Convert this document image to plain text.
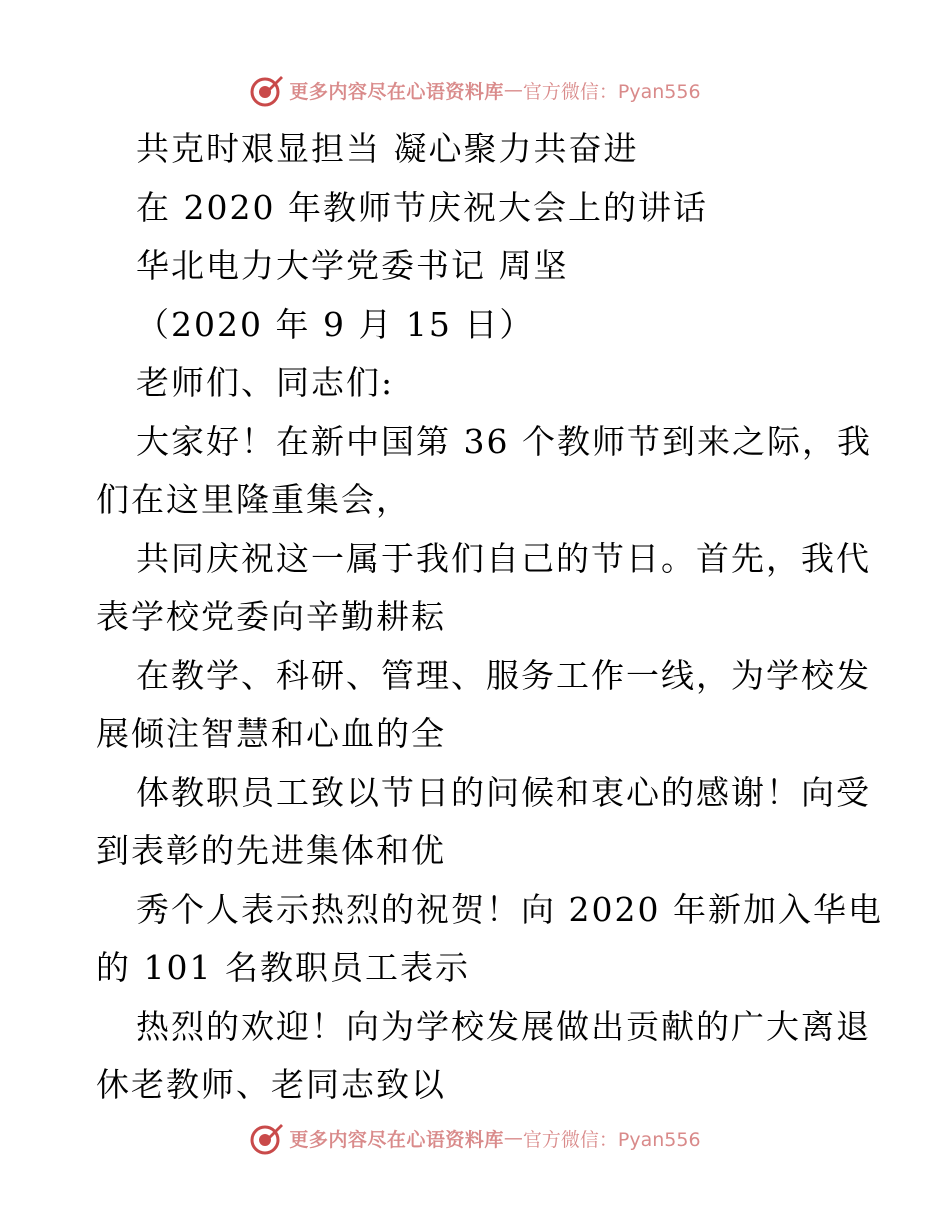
更多内容尽在心语资料库 — 官方微信：Pyan556
共克时艰显担当 凝心聚力共奋进
在 2020 年教师节庆祝大会上的讲话
华北电力大学党委书记 周坚
（2020 年 9 月 15 日）
老师们、同志们:
大家好！在新中国第 36 个教师节到来之际，我
们在这里隆重集会，
共同庆祝这一属于我们自己的节日。首先，我代
表学校党委向辛勤耕耘
在教学、科研、管理、服务工作一线，为学校发
展倾注智慧和心血的全
体教职员工致以节日的问候和衷心的感谢！向受
到表彰的先进集体和优
秀个人表示热烈的祝贺！向 2020 年新加入华电
的 101 名教职员工表示
热烈的欢迎！向为学校发展做出贡献的广大离退
休老教师、老同志致以
更多内容尽在心语资料库 — 官方微信：Pyan556
